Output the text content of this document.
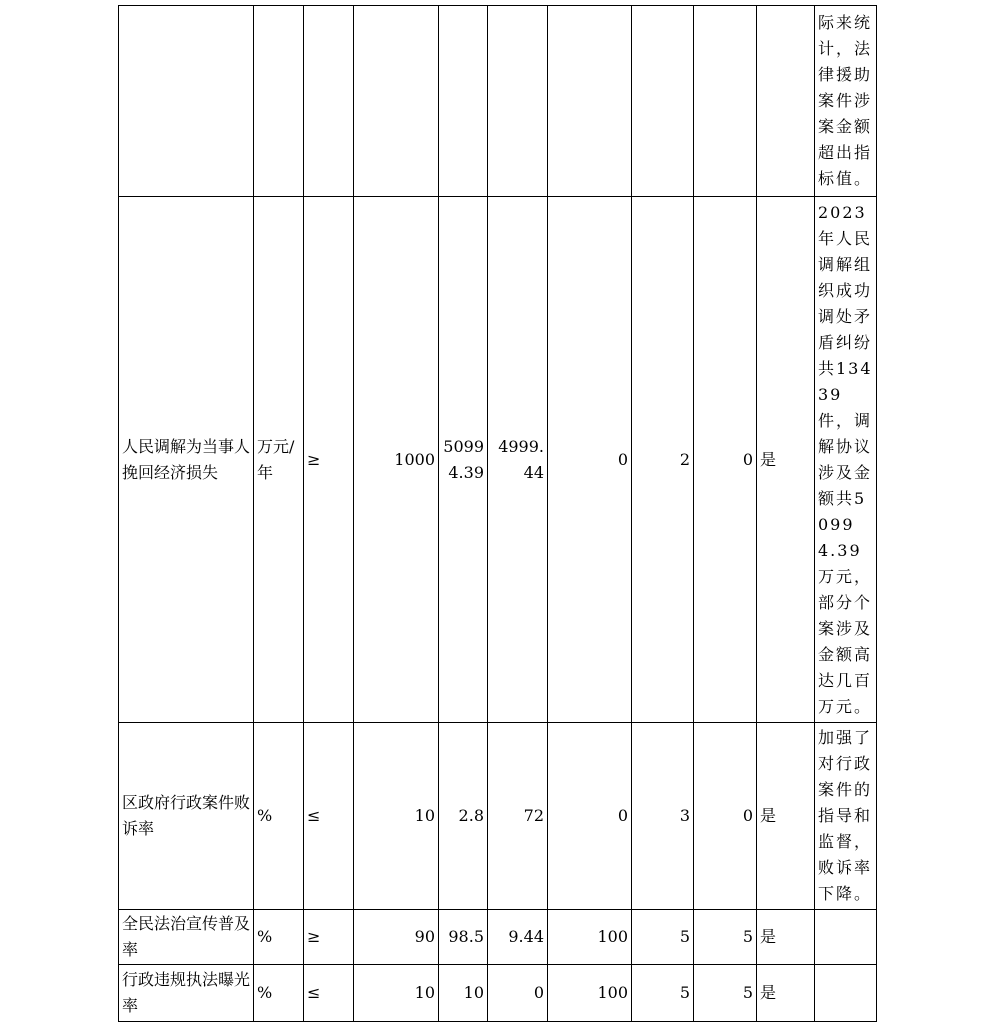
										际来统计，法律援助案件涉案金额超出指标值。
人民调解为当事人挽回经济损失	万元/年	≥	1000	50994.39	4999.44	0	2	0	是	2023年人民调解组织成功调处矛盾纠纷共13439件，调解协议涉及金额共50994.39万元，部分个案涉及金额高达几百万元。
区政府行政案件败诉率	%	≤	10	2.8	72	0	3	0	是	加强了对行政案件的指导和监督，败诉率下降。
全民法治宣传普及率	%	≥	90	98.5	9.44	100	5	5	是	
行政违规执法曝光率	%	≤	10	10	0	100	5	5	是	
